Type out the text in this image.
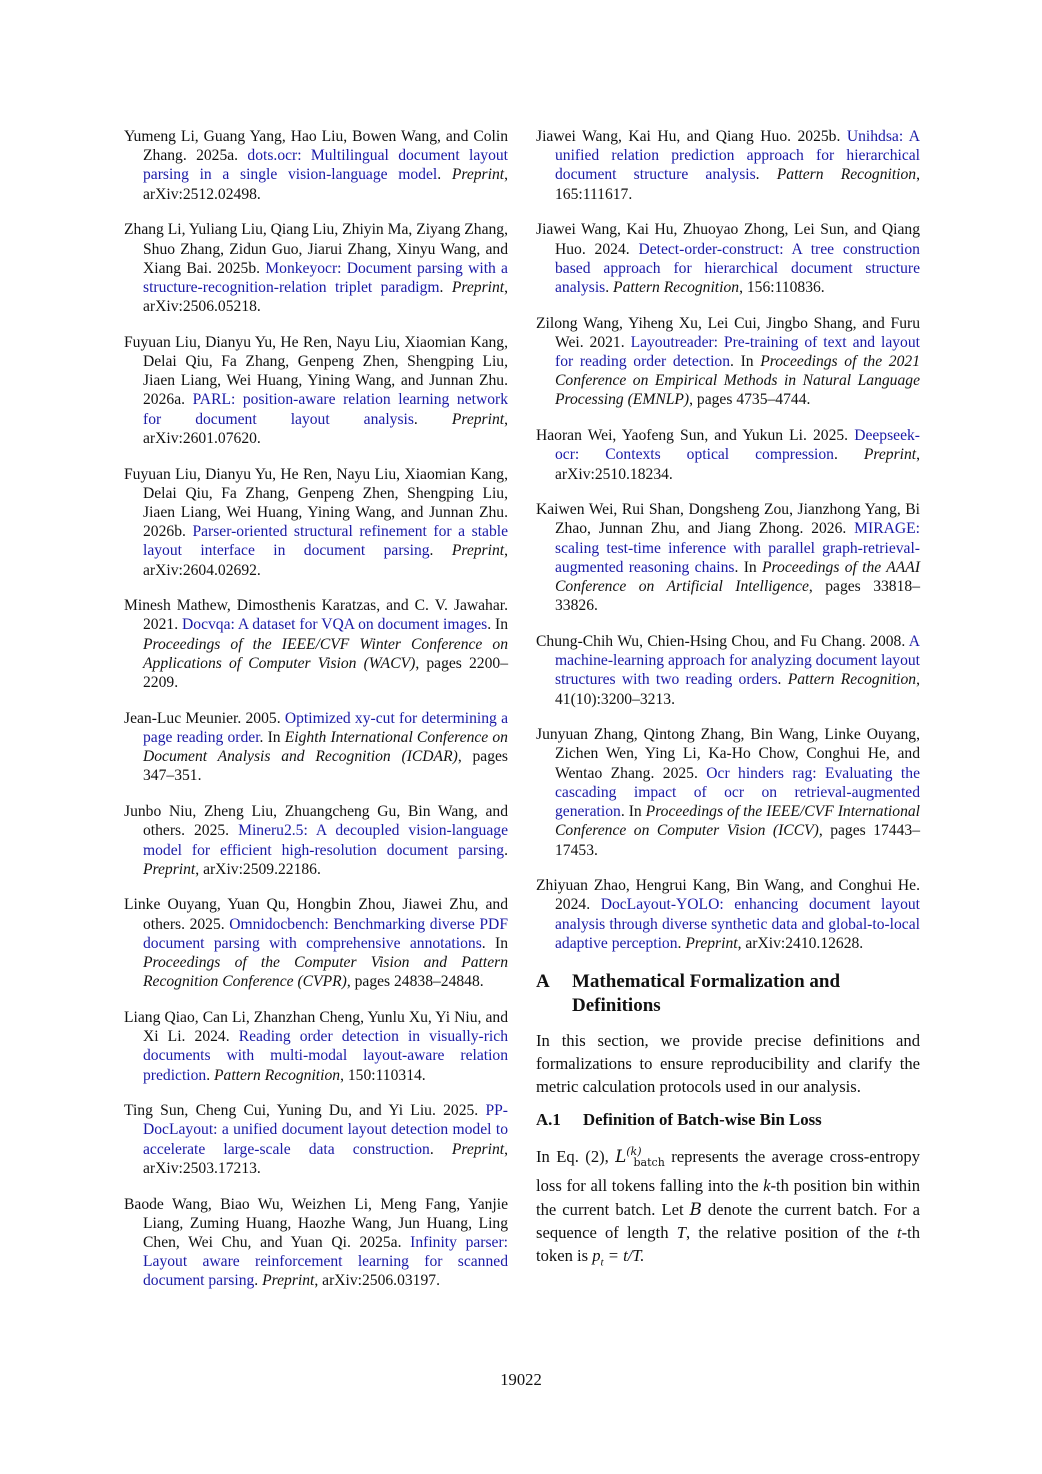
Yumeng Li, Guang Yang, Hao Liu, Bowen Wang, and Colin Zhang. 2025a. dots.ocr: Multilingual document layout parsing in a single vision-language model. Preprint, arXiv:2512.02498.

Zhang Li, Yuliang Liu, Qiang Liu, Zhiyin Ma, Ziyang Zhang, Shuo Zhang, Zidun Guo, Jiarui Zhang, Xinyu Wang, and Xiang Bai. 2025b. Monkeyocr: Document parsing with a structure-recognition-relation triplet paradigm. Preprint, arXiv:2506.05218.

Fuyuan Liu, Dianyu Yu, He Ren, Nayu Liu, Xiaomian Kang, Delai Qiu, Fa Zhang, Genpeng Zhen, Shengping Liu, Jiaen Liang, Wei Huang, Yining Wang, and Junnan Zhu. 2026a. PARL: position-aware relation learning network for document layout analysis. Preprint, arXiv:2601.07620.

Fuyuan Liu, Dianyu Yu, He Ren, Nayu Liu, Xiaomian Kang, Delai Qiu, Fa Zhang, Genpeng Zhen, Shengping Liu, Jiaen Liang, Wei Huang, Yining Wang, and Junnan Zhu. 2026b. Parser-oriented structural refinement for a stable layout interface in document parsing. Preprint, arXiv:2604.02692.

Minesh Mathew, Dimosthenis Karatzas, and C. V. Jawahar. 2021. Docvqa: A dataset for VQA on document images. In Proceedings of the IEEE/CVF Winter Conference on Applications of Computer Vision (WACV), pages 2200–2209.

Jean-Luc Meunier. 2005. Optimized xy-cut for determining a page reading order. In Eighth International Conference on Document Analysis and Recognition (ICDAR), pages 347–351.

Junbo Niu, Zheng Liu, Zhuangcheng Gu, Bin Wang, and others. 2025. Mineru2.5: A decoupled vision-language model for efficient high-resolution document parsing. Preprint, arXiv:2509.22186.

Linke Ouyang, Yuan Qu, Hongbin Zhou, Jiawei Zhu, and others. 2025. Omnidocbench: Benchmarking diverse PDF document parsing with comprehensive annotations. In Proceedings of the Computer Vision and Pattern Recognition Conference (CVPR), pages 24838–24848.

Liang Qiao, Can Li, Zhanzhan Cheng, Yunlu Xu, Yi Niu, and Xi Li. 2024. Reading order detection in visually-rich documents with multi-modal layout-aware relation prediction. Pattern Recognition, 150:110314.

Ting Sun, Cheng Cui, Yuning Du, and Yi Liu. 2025. PP-DocLayout: a unified document layout detection model to accelerate large-scale data construction. Preprint, arXiv:2503.17213.

Baode Wang, Biao Wu, Weizhen Li, Meng Fang, Yanjie Liang, Zuming Huang, Haozhe Wang, Jun Huang, Ling Chen, Wei Chu, and Yuan Qi. 2025a. Infinity parser: Layout aware reinforcement learning for scanned document parsing. Preprint, arXiv:2506.03197.

Jiawei Wang, Kai Hu, and Qiang Huo. 2025b. Unihdsa: A unified relation prediction approach for hierarchical document structure analysis. Pattern Recognition, 165:111617.

Jiawei Wang, Kai Hu, Zhuoyao Zhong, Lei Sun, and Qiang Huo. 2024. Detect-order-construct: A tree construction based approach for hierarchical document structure analysis. Pattern Recognition, 156:110836.

Zilong Wang, Yiheng Xu, Lei Cui, Jingbo Shang, and Furu Wei. 2021. Layoutreader: Pre-training of text and layout for reading order detection. In Proceedings of the 2021 Conference on Empirical Methods in Natural Language Processing (EMNLP), pages 4735–4744.

Haoran Wei, Yaofeng Sun, and Yukun Li. 2025. Deepseek-ocr: Contexts optical compression. Preprint, arXiv:2510.18234.

Kaiwen Wei, Rui Shan, Dongsheng Zou, Jianzhong Yang, Bi Zhao, Junnan Zhu, and Jiang Zhong. 2026. MIRAGE: scaling test-time inference with parallel graph-retrieval-augmented reasoning chains. In Proceedings of the AAAI Conference on Artificial Intelligence, pages 33818–33826.

Chung-Chih Wu, Chien-Hsing Chou, and Fu Chang. 2008. A machine-learning approach for analyzing document layout structures with two reading orders. Pattern Recognition, 41(10):3200–3213.

Junyuan Zhang, Qintong Zhang, Bin Wang, Linke Ouyang, Zichen Wen, Ying Li, Ka-Ho Chow, Conghui He, and Wentao Zhang. 2025. Ocr hinders rag: Evaluating the cascading impact of ocr on retrieval-augmented generation. In Proceedings of the IEEE/CVF International Conference on Computer Vision (ICCV), pages 17443–17453.

Zhiyuan Zhao, Hengrui Kang, Bin Wang, and Conghui He. 2024. DocLayout-YOLO: enhancing document layout analysis through diverse synthetic data and global-to-local adaptive perception. Preprint, arXiv:2410.12628.

A	Mathematical Formalization and Definitions

In this section, we provide precise definitions and formalizations to ensure reproducibility and clarify the metric calculation protocols used in our analysis.

A.1	Definition of Batch-wise Bin Loss

In Eq. (2), $L^{(k)}_{batch}$ represents the average cross-entropy loss for all tokens falling into the k-th position bin within the current batch. Let B denote the current batch. For a sequence of length T, the relative position of the t-th token is $p_t = t/T$.

19022
